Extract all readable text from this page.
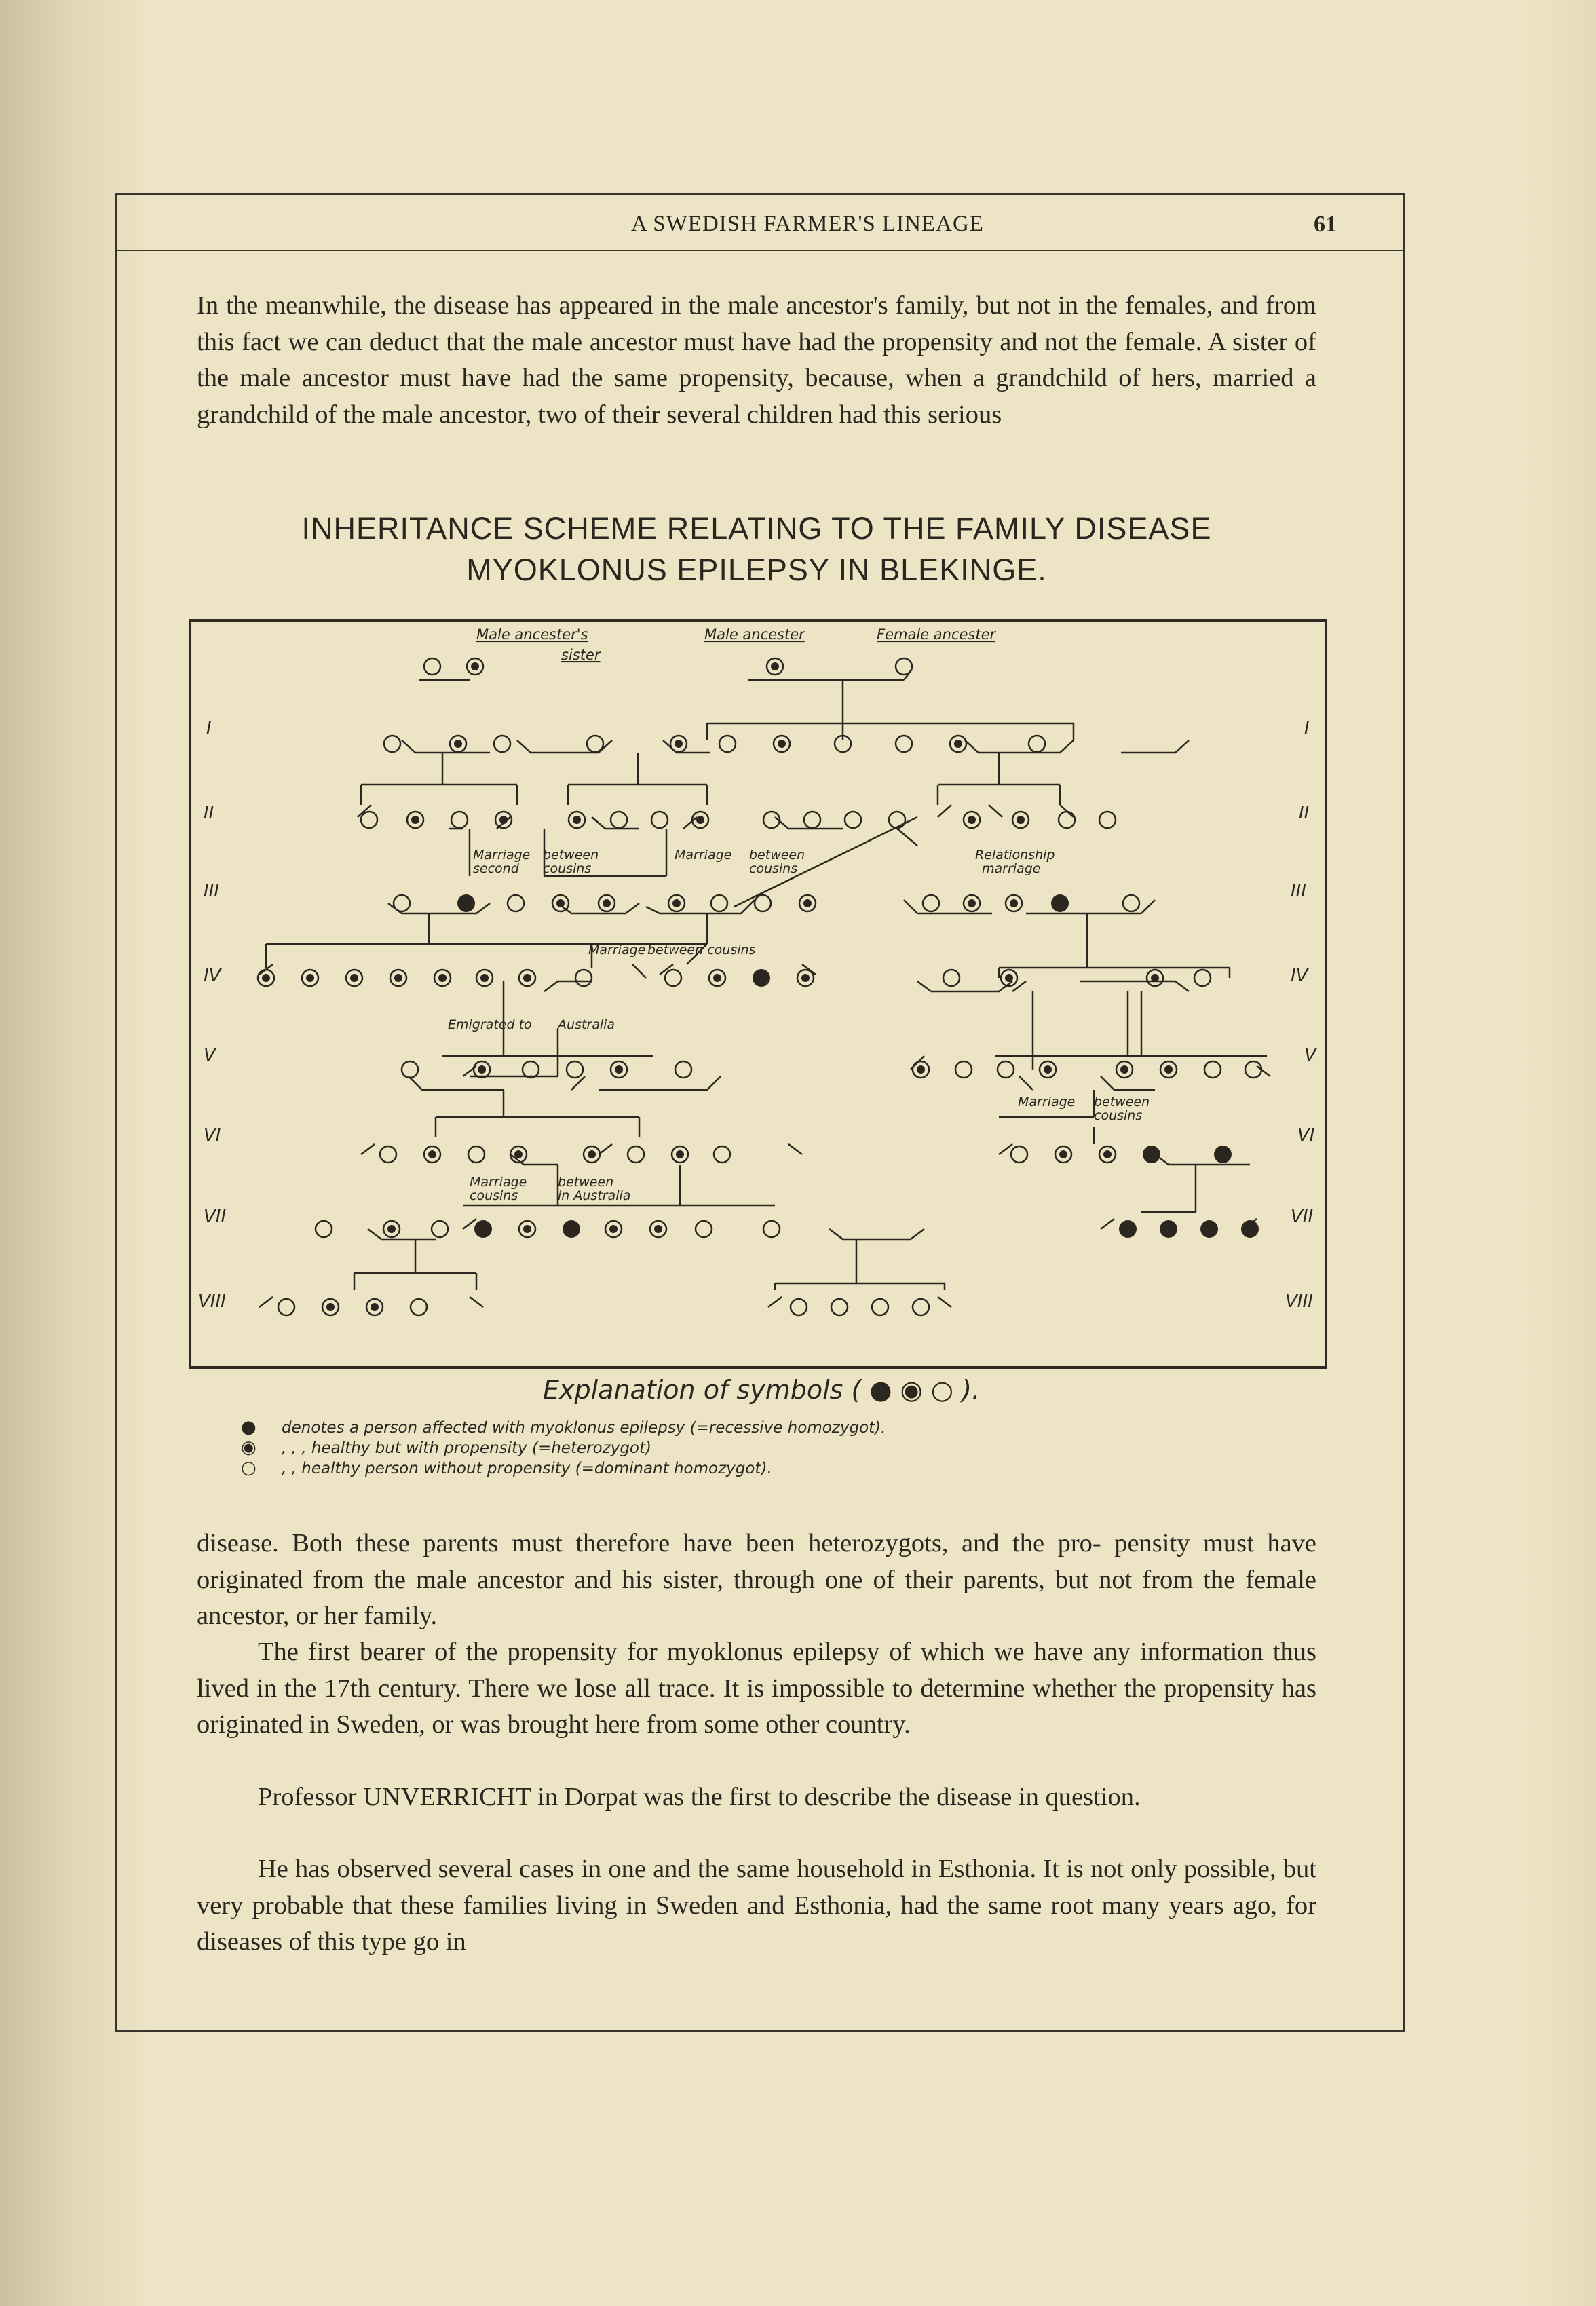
A SWEDISH FARMER'S LINEAGE	61
In the meanwhile, the disease has appeared in the male ancestor's family, but not in the females, and from this fact we can deduct that the male ancestor must have had the propensity and not the female. A sister of the male ancestor must have had the same propensity, because, when a grandchild of hers, married a grandchild of the male ancestor, two of their several children had this serious
INHERITANCE SCHEME RELATING TO THE FAMILY DISEASE
MYOKLONUS EPILEPSY IN BLEKINGE.
I
II
III
IV
V
VI
VII
VIII
I
II
III
IV
V
VI
VII
VIII
Male ancester's
sister
Male ancester	Female ancester
Marriage
second
between
cousins
Marriage between
cousins
Relationship
marriage
Marriage between cousins
Emigrated to Australia
Marriage between
cousins
Marriage
cousins
between
in Australia
Explanation of symbols ( ● ◉ ○ ).
● denotes a person affected with myoklonus epilepsy (=recessive homozygot).
◉ , , , healthy but with propensity (=heterozygot)
○ , , healthy person without propensity (=dominant homozygot).
disease. Both these parents must therefore have been heterozygots, and the pro- pensity must have originated from the male ancestor and his sister, through one of their parents, but not from the female ancestor, or her family.
The first bearer of the propensity for myoklonus epilepsy of which we have any information thus lived in the 17th century. There we lose all trace. It is impossible to determine whether the propensity has originated in Sweden, or was brought here from some other country.
Professor UNVERRICHT in Dorpat was the first to describe the disease in question.
He has observed several cases in one and the same household in Esthonia. It is not only possible, but very probable that these families living in Sweden and Esthonia, had the same root many years ago, for diseases of this type go in
